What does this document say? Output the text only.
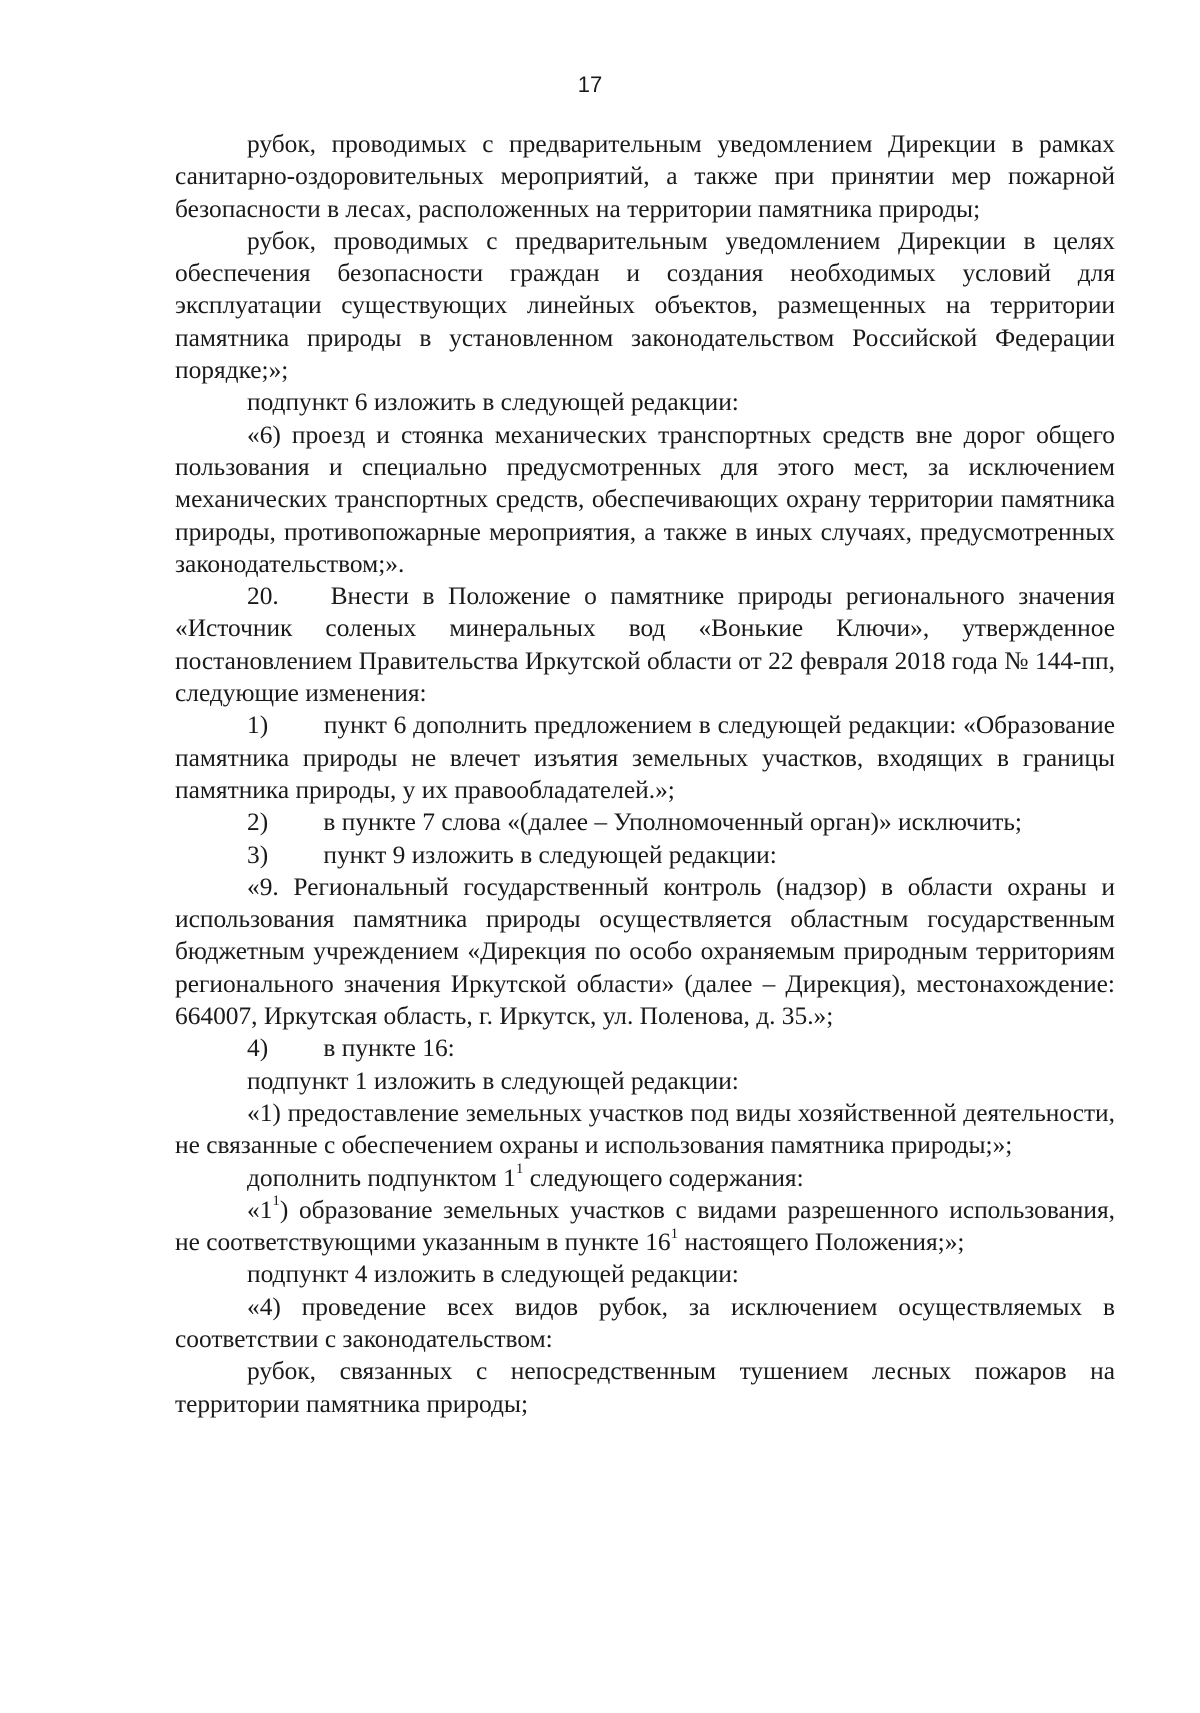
17

рубок, проводимых с предварительным уведомлением Дирекции в рамках санитарно-оздоровительных мероприятий, а также при принятии мер пожарной безопасности в лесах, расположенных на территории памятника природы;

рубок, проводимых с предварительным уведомлением Дирекции в целях обеспечения безопасности граждан и создания необходимых условий для эксплуатации существующих линейных объектов, размещенных на территории памятника природы в установленном законодательством Российской Федерации порядке;»;

подпункт 6 изложить в следующей редакции:

«6) проезд и стоянка механических транспортных средств вне дорог общего пользования и специально предусмотренных для этого мест, за исключением механических транспортных средств, обеспечивающих охрану территории памятника природы, противопожарные мероприятия, а также в иных случаях, предусмотренных законодательством;».

20. Внести в Положение о памятнике природы регионального значения «Источник соленых минеральных вод «Вонькие Ключи», утвержденное постановлением Правительства Иркутской области от 22 февраля 2018 года № 144-пп, следующие изменения:

1) пункт 6 дополнить предложением в следующей редакции: «Образование памятника природы не влечет изъятия земельных участков, входящих в границы памятника природы, у их правообладателей.»;

2) в пункте 7 слова «(далее – Уполномоченный орган)» исключить;

3) пункт 9 изложить в следующей редакции:

«9. Региональный государственный контроль (надзор) в области охраны и использования памятника природы осуществляется областным государственным бюджетным учреждением «Дирекция по особо охраняемым природным территориям регионального значения Иркутской области» (далее – Дирекция), местонахождение: 664007, Иркутская область, г. Иркутск, ул. Поленова, д. 35.»;

4) в пункте 16:

подпункт 1 изложить в следующей редакции:

«1) предоставление земельных участков под виды хозяйственной деятельности, не связанные с обеспечением охраны и использования памятника природы;»;

дополнить подпунктом $1^1$ следующего содержания:

«$1^1$) образование земельных участков с видами разрешенного использования, не соответствующими указанным в пункте $16^1$ настоящего Положения;»;

подпункт 4 изложить в следующей редакции:

«4) проведение всех видов рубок, за исключением осуществляемых в соответствии с законодательством:

рубок, связанных с непосредственным тушением лесных пожаров на территории памятника природы;
